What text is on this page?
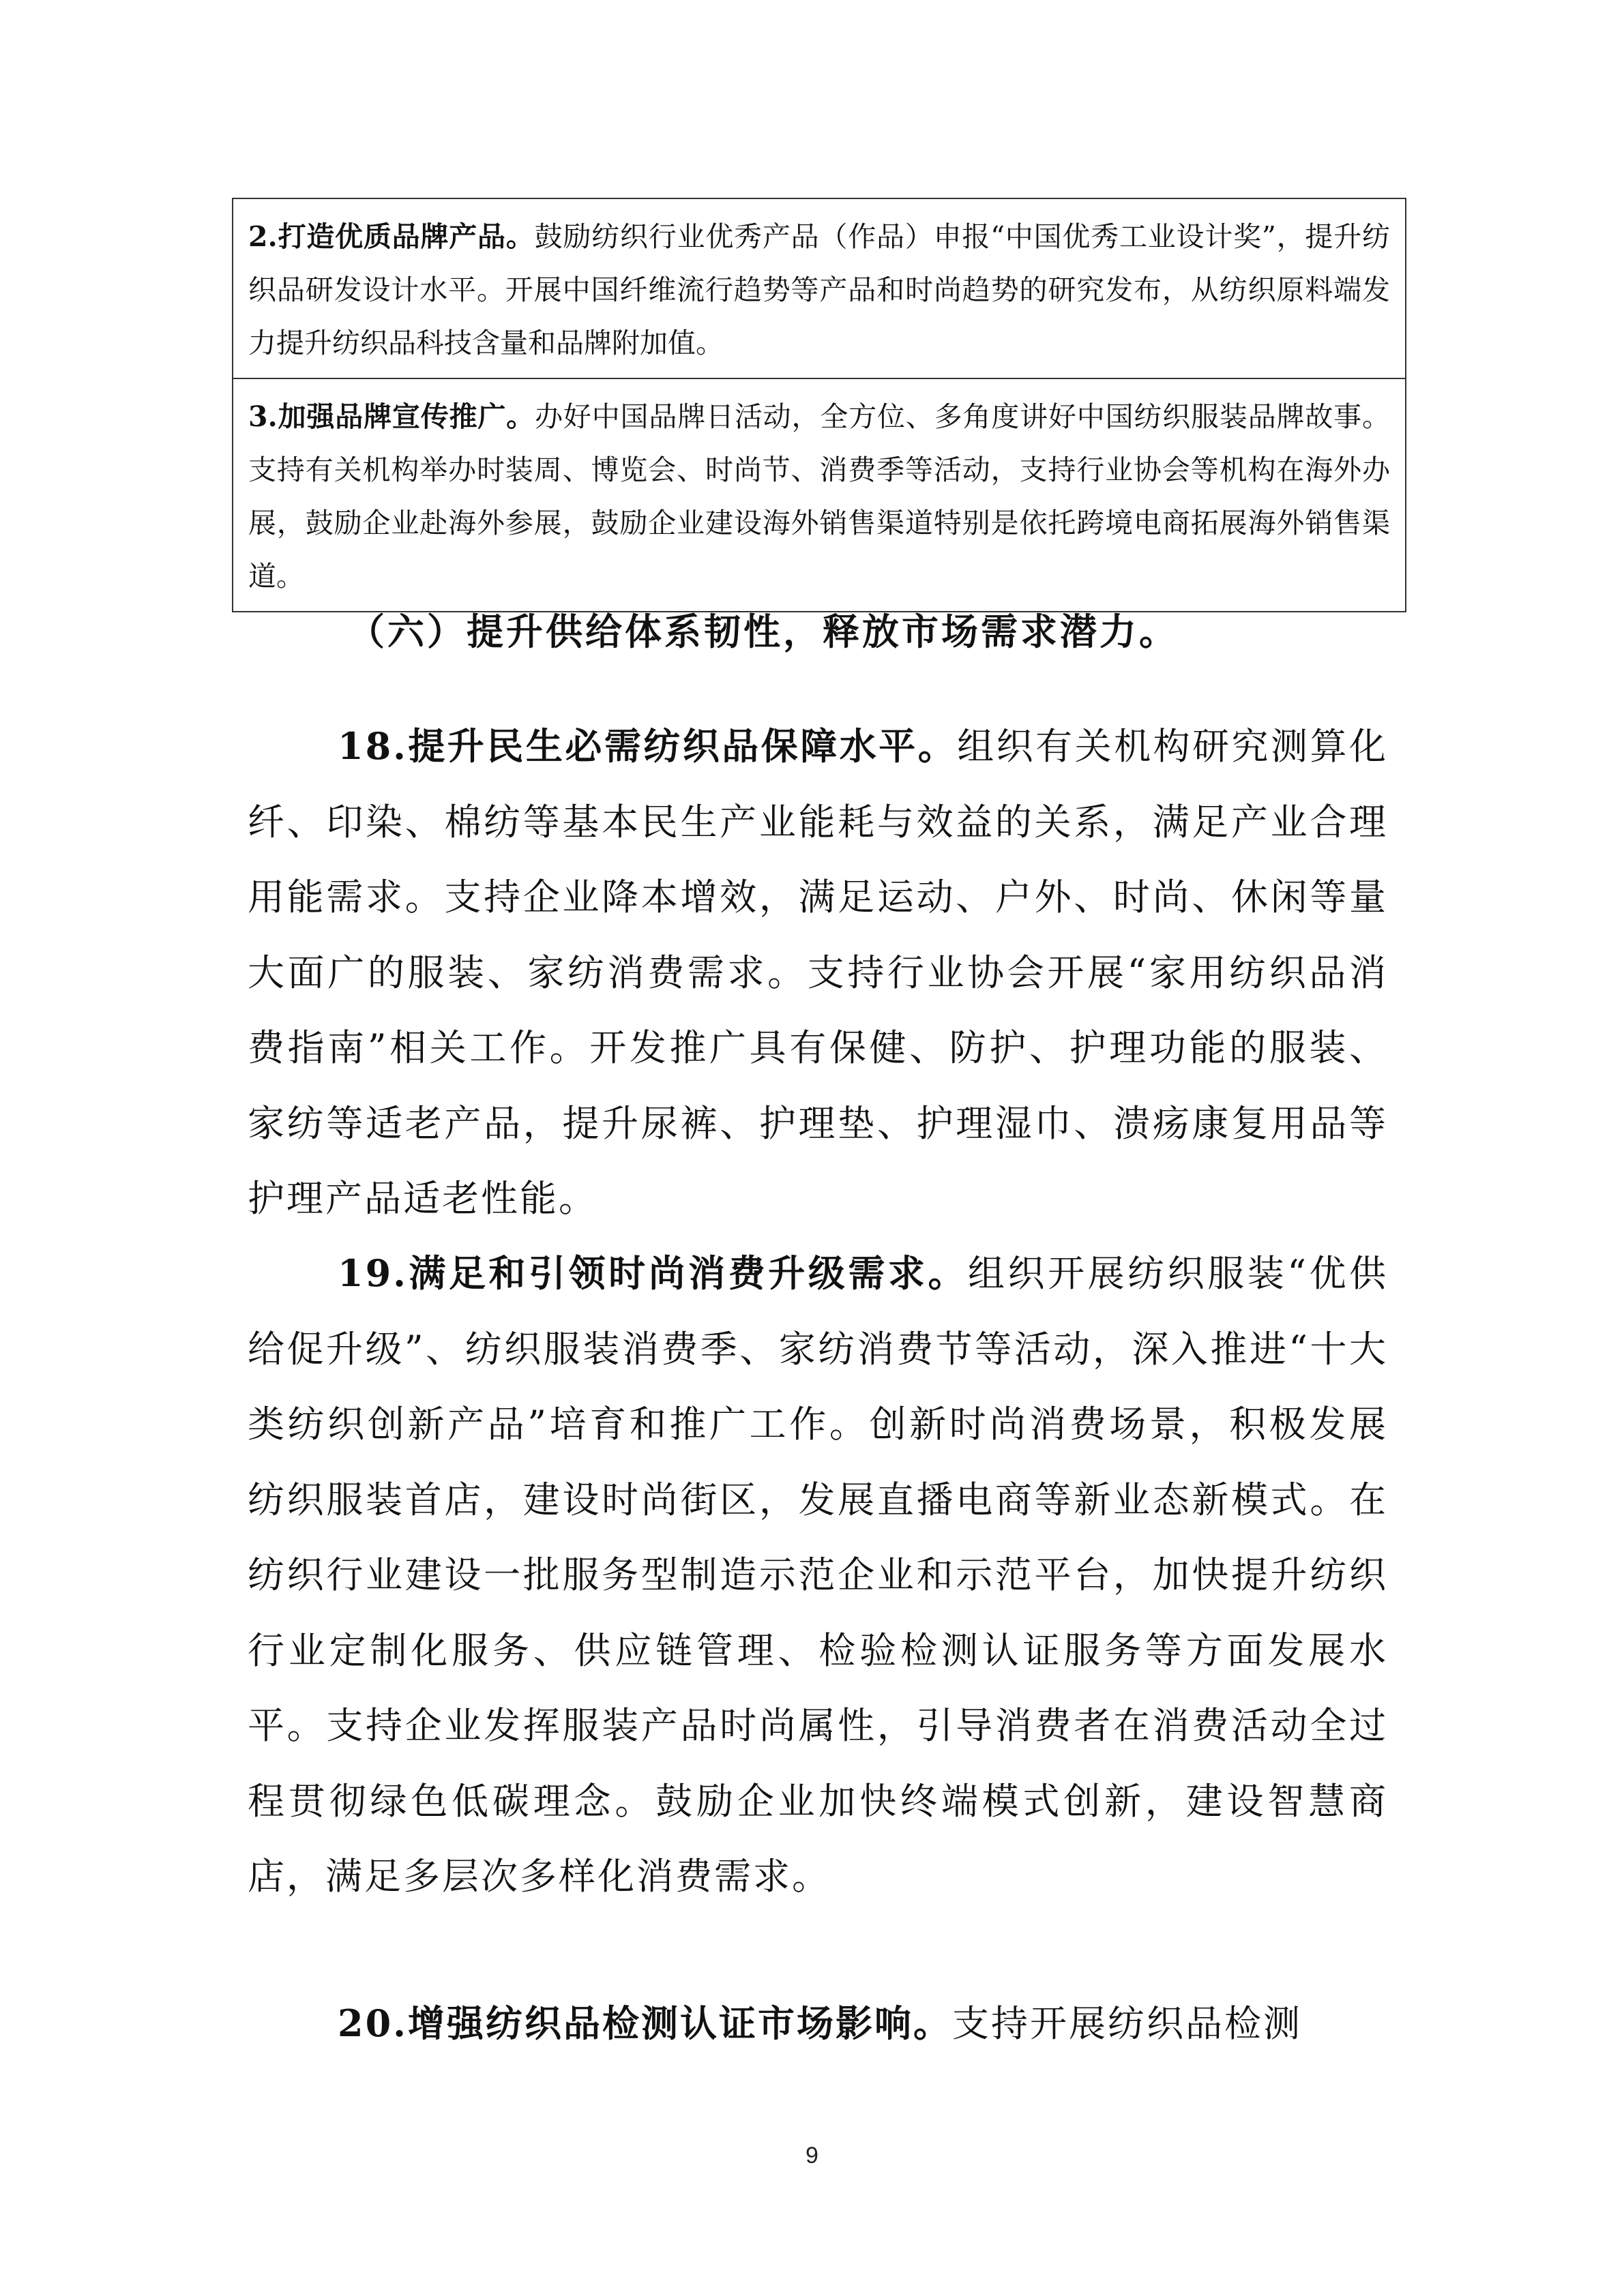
2.打造优质品牌产品。鼓励纺织行业优秀产品（作品）申报“中国优秀工业设计奖”，提升纺织品研发设计水平。开展中国纤维流行趋势等产品和时尚趋势的研究发布，从纺织原料端发力提升纺织品科技含量和品牌附加值。
3.加强品牌宣传推广。办好中国品牌日活动，全方位、多角度讲好中国纺织服装品牌故事。支持有关机构举办时装周、博览会、时尚节、消费季等活动，支持行业协会等机构在海外办展，鼓励企业赴海外参展，鼓励企业建设海外销售渠道特别是依托跨境电商拓展海外销售渠道。
（六）提升供给体系韧性，释放市场需求潜力。

18.提升民生必需纺织品保障水平。组织有关机构研究测算化纤、印染、棉纺等基本民生产业能耗与效益的关系，满足产业合理用能需求。支持企业降本增效，满足运动、户外、时尚、休闲等量大面广的服装、家纺消费需求。支持行业协会开展“家用纺织品消费指南”相关工作。开发推广具有保健、防护、护理功能的服装、家纺等适老产品，提升尿裤、护理垫、护理湿巾、溃疡康复用品等护理产品适老性能。

19.满足和引领时尚消费升级需求。组织开展纺织服装“优供给促升级”、纺织服装消费季、家纺消费节等活动，深入推进“十大类纺织创新产品”培育和推广工作。创新时尚消费场景，积极发展纺织服装首店，建设时尚街区，发展直播电商等新业态新模式。在纺织行业建设一批服务型制造示范企业和示范平台，加快提升纺织行业定制化服务、供应链管理、检验检测认证服务等方面发展水平。支持企业发挥服装产品时尚属性，引导消费者在消费活动全过程贯彻绿色低碳理念。鼓励企业加快终端模式创新，建设智慧商店，满足多层次多样化消费需求。

20.增强纺织品检测认证市场影响。支持开展纺织品检测

9
